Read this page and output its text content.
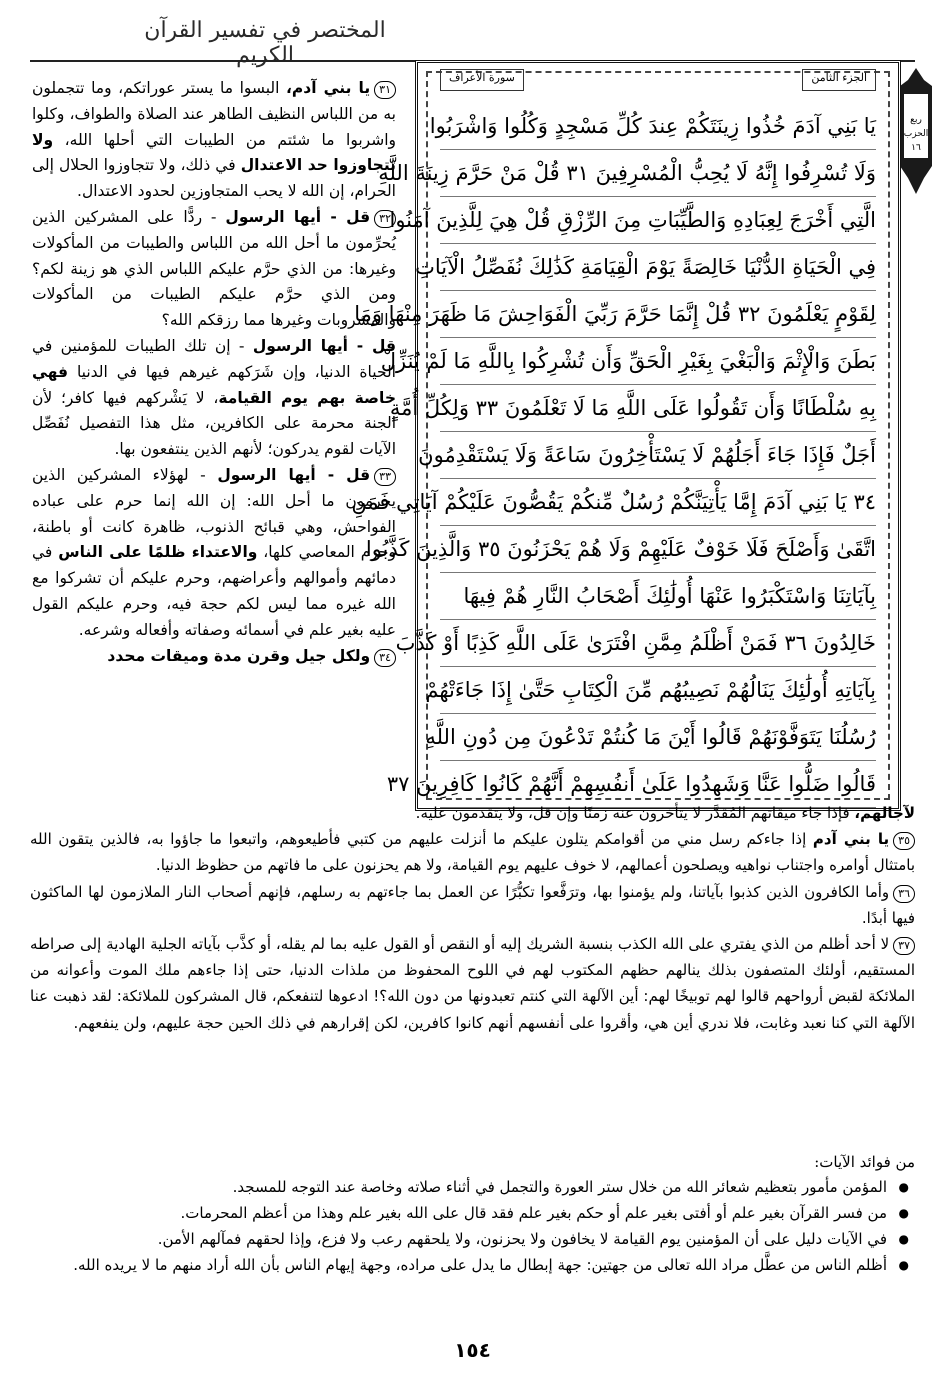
المختصر في تفسير القرآن الكريم
ربع
الحزب
١٦
سورة الأعراف	الجزء الثامن
يَا بَنِي آدَمَ خُذُوا زِينَتَكُمْ عِندَ كُلِّ مَسْجِدٍ وَكُلُوا وَاشْرَبُوا
وَلَا تُسْرِفُوا إِنَّهُ لَا يُحِبُّ الْمُسْرِفِينَ ٣١ قُلْ مَنْ حَرَّمَ زِينَةَ اللَّهِ
الَّتِي أَخْرَجَ لِعِبَادِهِ وَالطَّيِّبَاتِ مِنَ الرِّزْقِ قُلْ هِيَ لِلَّذِينَ آمَنُوا
فِي الْحَيَاةِ الدُّنْيَا خَالِصَةً يَوْمَ الْقِيَامَةِ كَذَٰلِكَ نُفَصِّلُ الْآيَاتِ
لِقَوْمٍ يَعْلَمُونَ ٣٢ قُلْ إِنَّمَا حَرَّمَ رَبِّيَ الْفَوَاحِشَ مَا ظَهَرَ مِنْهَا وَمَا
بَطَنَ وَالْإِثْمَ وَالْبَغْيَ بِغَيْرِ الْحَقِّ وَأَن تُشْرِكُوا بِاللَّهِ مَا لَمْ يُنَزِّلْ
بِهِ سُلْطَانًا وَأَن تَقُولُوا عَلَى اللَّهِ مَا لَا تَعْلَمُونَ ٣٣ وَلِكُلِّ أُمَّةٍ
أَجَلٌ فَإِذَا جَاءَ أَجَلُهُمْ لَا يَسْتَأْخِرُونَ سَاعَةً وَلَا يَسْتَقْدِمُونَ
٣٤ يَا بَنِي آدَمَ إِمَّا يَأْتِيَنَّكُمْ رُسُلٌ مِّنكُمْ يَقُصُّونَ عَلَيْكُمْ آيَاتِي فَمَنِ
اتَّقَىٰ وَأَصْلَحَ فَلَا خَوْفٌ عَلَيْهِمْ وَلَا هُمْ يَحْزَنُونَ ٣٥ وَالَّذِينَ كَذَّبُوا
بِآيَاتِنَا وَاسْتَكْبَرُوا عَنْهَا أُولَٰئِكَ أَصْحَابُ النَّارِ هُمْ فِيهَا
خَالِدُونَ ٣٦ فَمَنْ أَظْلَمُ مِمَّنِ افْتَرَىٰ عَلَى اللَّهِ كَذِبًا أَوْ كَذَّبَ
بِآيَاتِهِ أُولَٰئِكَ يَنَالُهُمْ نَصِيبُهُم مِّنَ الْكِتَابِ حَتَّىٰ إِذَا جَاءَتْهُمْ
رُسُلُنَا يَتَوَفَّوْنَهُمْ قَالُوا أَيْنَ مَا كُنتُمْ تَدْعُونَ مِن دُونِ اللَّهِ
قَالُوا ضَلُّوا عَنَّا وَشَهِدُوا عَلَىٰ أَنفُسِهِمْ أَنَّهُمْ كَانُوا كَافِرِينَ ٣٧

٣١يا بني آدم، البسوا ما يستر عوراتكم، وما تتجملون به من اللباس النظيف الطاهر عند الصلاة والطواف، وكلوا واشربوا ما شئتم من الطيبات التي أحلها الله، ولا تتجاوزوا حد الاعتدال في ذلك، ولا تتجاوزوا الحلال إلى الحرام، إن الله لا يحب المتجاوزين لحدود الاعتدال.

٣٢قل - أيها الرسول - ردًّا على المشركين الذين يُحرِّمون ما أحل الله من اللباس والطيبات من المأكولات وغيرها: من الذي حرَّم عليكم اللباس الذي هو زينة لكم؟ ومن الذي حرَّم عليكم الطيبات من المأكولات والمشروبات وغيرها مما رزقكم الله؟

قل - أيها الرسول - إن تلك الطيبات للمؤمنين في الحياة الدنيا، وإن شَرَكهم غيرهم فيها في الدنيا فهي خاصة بهم يوم القيامة، لا يَشْركهم فيها كافر؛ لأن الجنة محرمة على الكافرين، مثل هذا التفصيل نُفَصِّل الآيات لقوم يدركون؛ لأنهم الذين ينتفعون بها.

٣٣قل - أيها الرسول - لهؤلاء المشركين الذين يحرمون ما أحل الله: إن الله إنما حرم على عباده الفواحش، وهي قبائح الذنوب، ظاهرة كانت أو باطنة، وحرم المعاصي كلها، والاعتداء ظلمًا على الناس في دمائهم وأموالهم وأعراضهم، وحرم عليكم أن تشركوا مع الله غيره مما ليس لكم حجة فيه، وحرم عليكم القول عليه بغير علم في أسمائه وصفاته وأفعاله وشرعه.

٣٤ولكل جيل وقرن مدة وميقات محدد

لآجالهم، فإذا جاء ميقاتهم المُقدَّر لا يتأخرون عنه زمنًا وإن قل، ولا يتقدمون عليه.

٣٥يا بني آدم إذا جاءكم رسل مني من أقوامكم يتلون عليكم ما أنزلت عليهم من كتبي فأطيعوهم، واتبعوا ما جاؤوا به، فالذين يتقون الله بامتثال أوامره واجتناب نواهيه ويصلحون أعمالهم، لا خوف عليهم يوم القيامة، ولا هم يحزنون على ما فاتهم من حظوظ الدنيا.

٣٦وأما الكافرون الذين كذبوا بآياتنا، ولم يؤمنوا بها، وترَفَّعوا تكبُّرًا عن العمل بما جاءتهم به رسلهم، فإنهم أصحاب النار الملازمون لها الماكثون فيها أبدًا.

٣٧لا أحد أظلم من الذي يفتري على الله الكذب بنسبة الشريك إليه أو النقص أو القول عليه بما لم يقله، أو كذَّب بآياته الجلية الهادية إلى صراطه المستقيم، أولئك المتصفون بذلك ينالهم حظهم المكتوب لهم في اللوح المحفوظ من ملذات الدنيا، حتى إذا جاءهم ملك الموت وأعوانه من الملائكة لقبض أرواحهم قالوا لهم توبيخًا لهم: أين الآلهة التي كنتم تعبدونها من دون الله؟! ادعوها لتنفعكم، قال المشركون للملائكة: لقد ذهبت عنا الآلهة التي كنا نعبد وغابت، فلا ندري أين هي، وأقروا على أنفسهم أنهم كانوا كافرين، لكن إقرارهم في ذلك الحين حجة عليهم، ولن ينفعهم.

من فوائد الآيات:
● المؤمن مأمور بتعظيم شعائر الله من خلال ستر العورة والتجمل في أثناء صلاته وخاصة عند التوجه للمسجد.
● من فسر القرآن بغير علم أو أفتى بغير علم أو حكم بغير علم فقد قال على الله بغير علم وهذا من أعظم المحرمات.
● في الآيات دليل على أن المؤمنين يوم القيامة لا يخافون ولا يحزنون، ولا يلحقهم رعب ولا فزع، وإذا لحقهم فمآلهم الأمن.
● أظلم الناس من عطَّل مراد الله تعالى من جهتين: جهة إبطال ما يدل على مراده، وجهة إيهام الناس بأن الله أراد منهم ما لا يريده الله.
١٥٤
